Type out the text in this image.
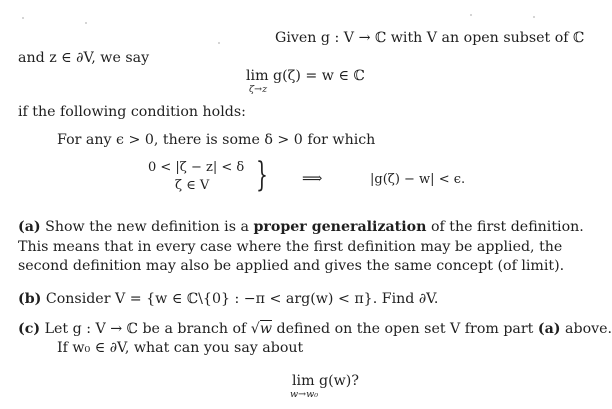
Given g : V → ℂ with V an open subset of ℂ
and z ∈ ∂V, we say
lim g(ζ) = w ∈ ℂ
ζ→z
if the following condition holds:
For any ϵ > 0, there is some δ > 0 for which
0 < |ζ − z| < δ
ζ ∈ V } ⟹	|g(ζ) − w| < ϵ.
(a) Show the new definition is a proper generalization of the first definition. This means that in every case where the first definition may be applied, the second definition may also be applied and gives the same concept (of limit).
(b) Consider V = {w ∈ ℂ\{0} : −π < arg(w) < π}. Find ∂V.
(c) Let g : V → ℂ be a branch of √w defined on the open set V from part (a) above.
If w₀ ∈ ∂V, what can you say about
lim g(w)?
w→w₀
